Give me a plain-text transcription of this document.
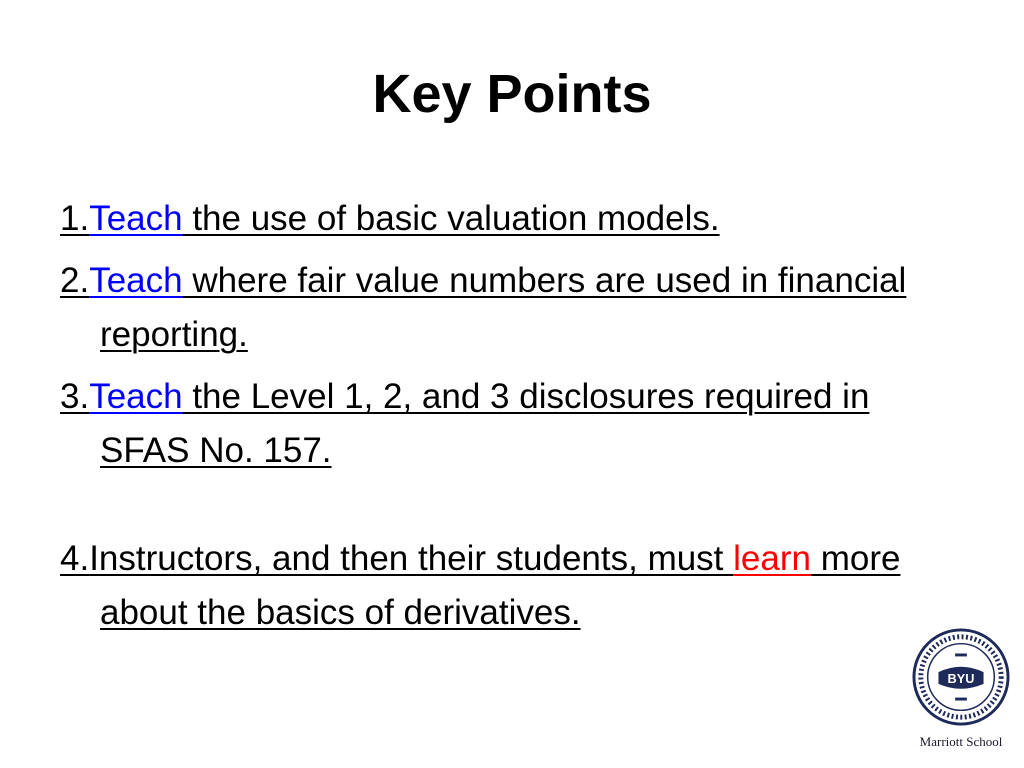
Key Points
1.Teach the use of basic valuation models.
2.Teach where fair value numbers are used in financial reporting.
3.Teach the Level 1, 2, and 3 disclosures required in SFAS No. 157.
4.Instructors, and then their students, must learn more about the basics of derivatives.
BYU
Marriott School
